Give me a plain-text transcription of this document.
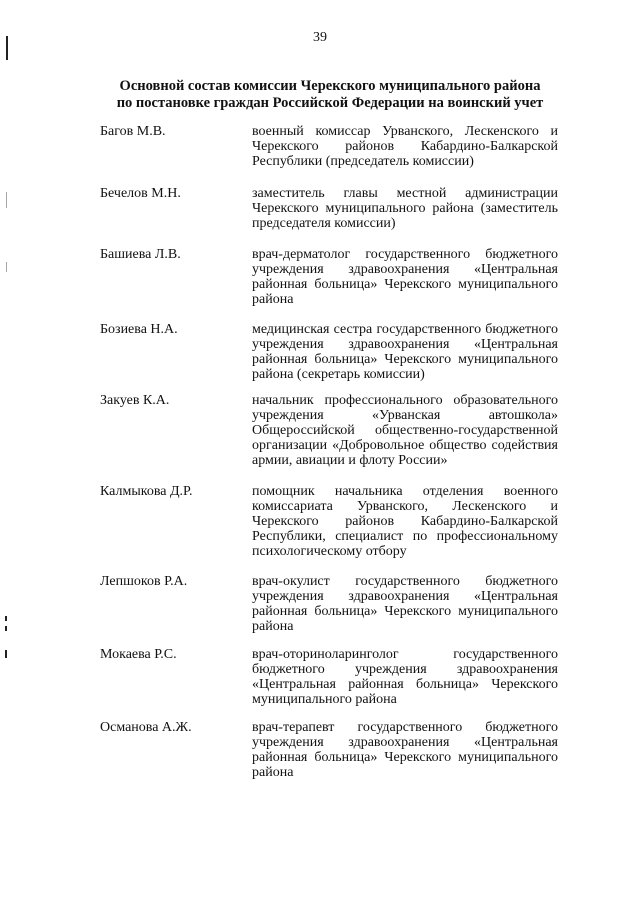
39
Основной состав комиссии Черекского муниципального района
по постановке граждан Российской Федерации на воинский учет
Багов М.В.	военный комиссар Урванского, Лескенского и Черекского районов Кабардино-Балкарской Республики (председатель комиссии)
Бечелов М.Н.	заместитель главы местной администрации Черекского муниципального района (заместитель председателя комиссии)
Башиева Л.В.	врач-дерматолог государственного бюджетного учреждения здравоохранения «Центральная районная больница» Черекского муниципального района
Бозиева Н.А.	медицинская сестра государственного бюджетного учреждения здравоохранения «Центральная районная больница» Черекского муниципального района (секретарь комиссии)
Закуев К.А.	начальник профессионального образовательного учреждения «Урванская автошкола» Общероссийской общественно-государственной организации «Добровольное общество содействия армии, авиации и флоту России»
Калмыкова Д.Р.	помощник начальника отделения военного комиссариата Урванского, Лескенского и Черекского районов Кабардино-Балкарской Республики, специалист по профессиональному психологическому отбору
Лепшоков Р.А.	врач-окулист государственного бюджетного учреждения здравоохранения «Центральная районная больница» Черекского муниципального района
Мокаева Р.С.	врач-оториноларинголог государственного бюджетного учреждения здравоохранения «Центральная районная больница» Черекского муниципального района
Османова А.Ж.	врач-терапевт государственного бюджетного учреждения здравоохранения «Центральная районная больница» Черекского муниципального района
